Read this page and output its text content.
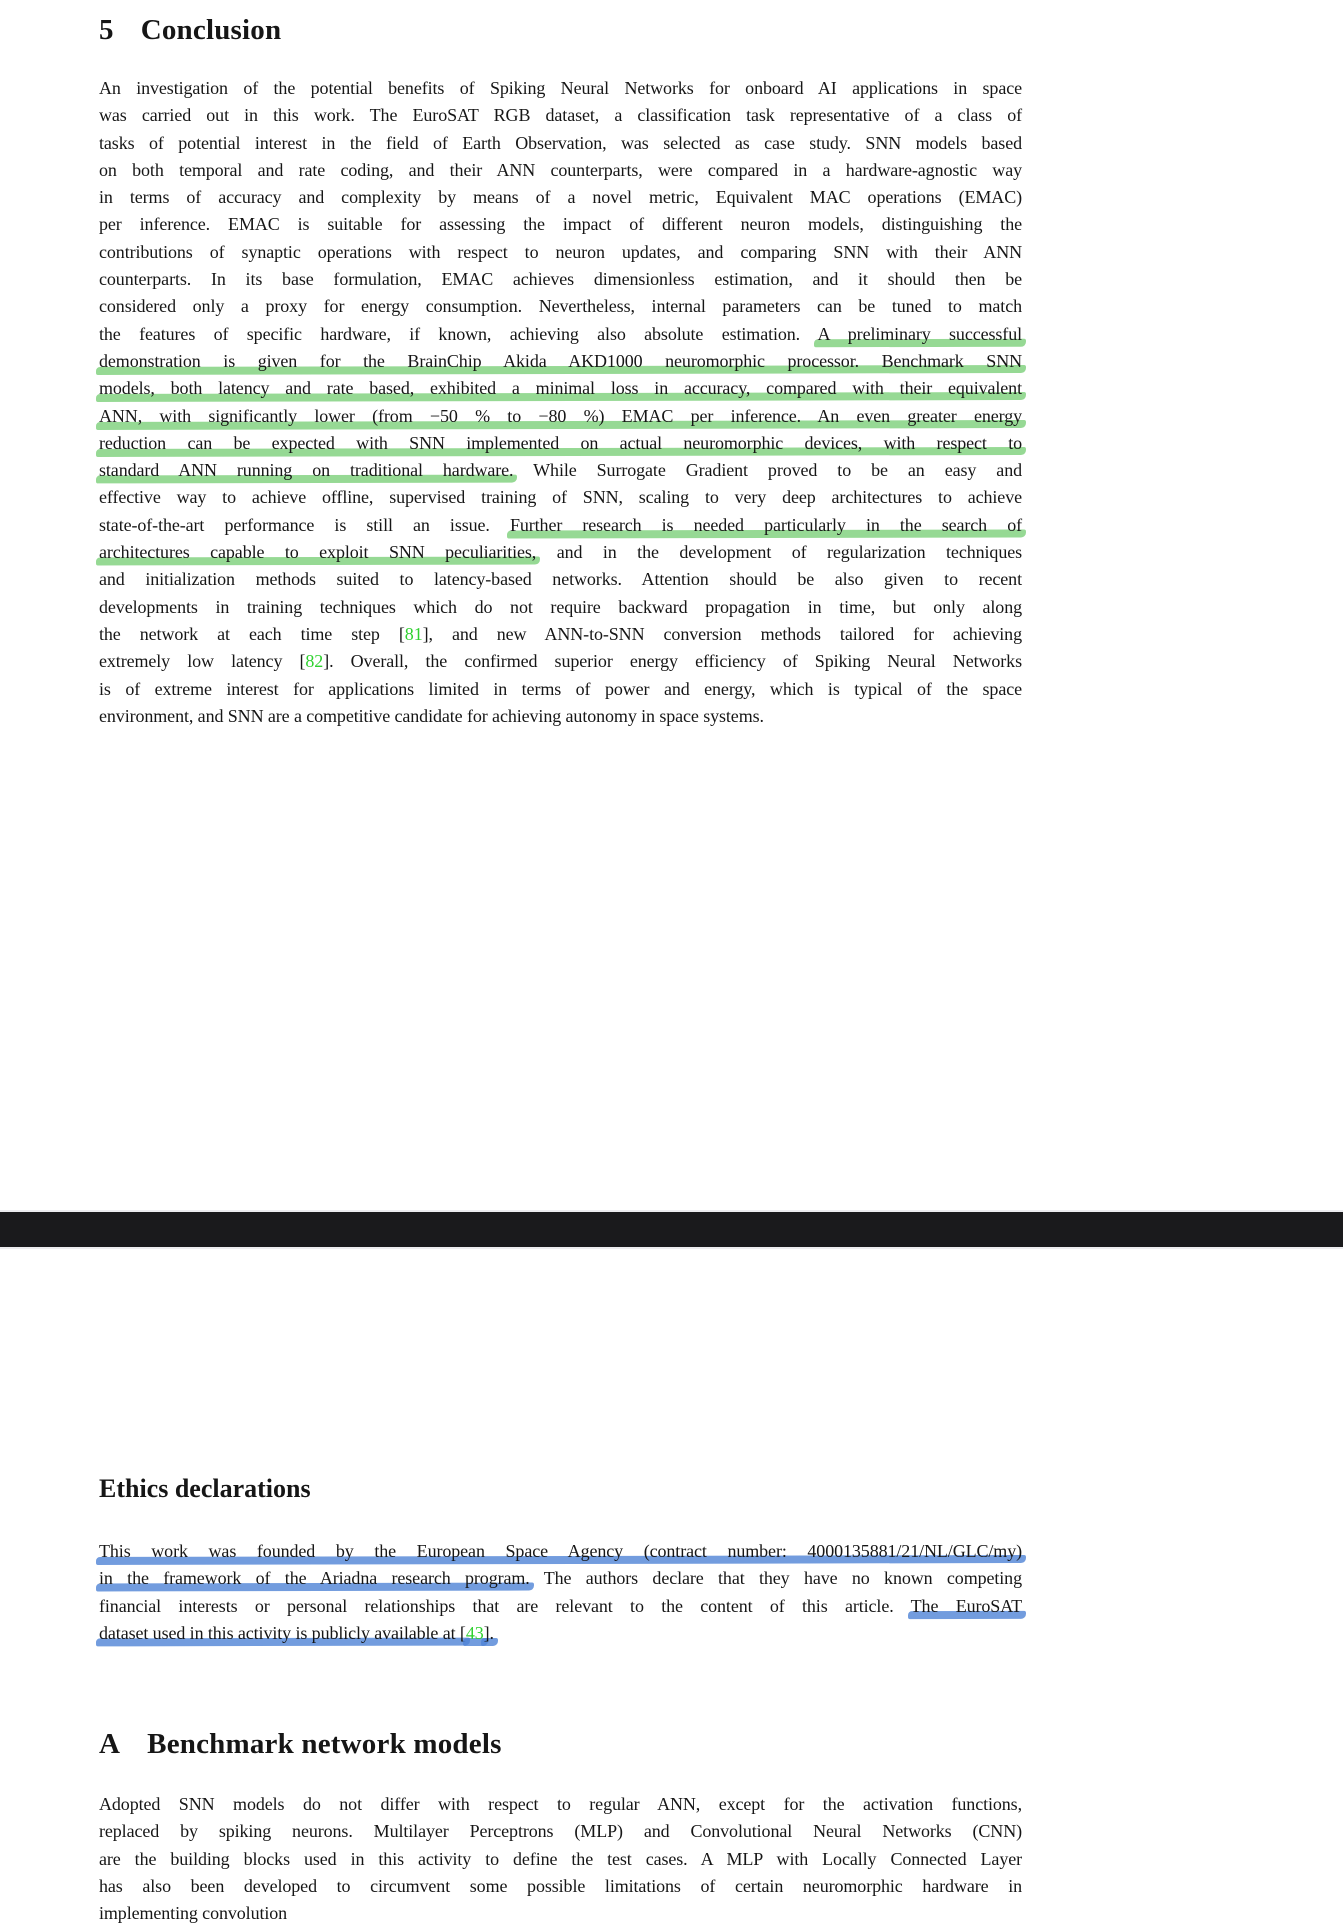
5 Conclusion
An investigation of the potential benefits of Spiking Neural Networks for onboard AI applications in space
was carried out in this work. The EuroSAT RGB dataset, a classification task representative of a class of
tasks of potential interest in the field of Earth Observation, was selected as case study. SNN models based
on both temporal and rate coding, and their ANN counterparts, were compared in a hardware-agnostic way
in terms of accuracy and complexity by means of a novel metric, Equivalent MAC operations (EMAC)
per inference. EMAC is suitable for assessing the impact of different neuron models, distinguishing the
contributions of synaptic operations with respect to neuron updates, and comparing SNN with their ANN
counterparts. In its base formulation, EMAC achieves dimensionless estimation, and it should then be
considered only a proxy for energy consumption. Nevertheless, internal parameters can be tuned to match
the features of specific hardware, if known, achieving also absolute estimation. A preliminary successful
demonstration is given for the BrainChip Akida AKD1000 neuromorphic processor. Benchmark SNN
models, both latency and rate based, exhibited a minimal loss in accuracy, compared with their equivalent
ANN, with significantly lower (from −50 % to −80 %) EMAC per inference. An even greater energy
reduction can be expected with SNN implemented on actual neuromorphic devices, with respect to
standard ANN running on traditional hardware. While Surrogate Gradient proved to be an easy and
effective way to achieve offline, supervised training of SNN, scaling to very deep architectures to achieve
state-of-the-art performance is still an issue. Further research is needed particularly in the search of
architectures capable to exploit SNN peculiarities, and in the development of regularization techniques
and initialization methods suited to latency-based networks. Attention should be also given to recent
developments in training techniques which do not require backward propagation in time, but only along
the network at each time step [81], and new ANN-to-SNN conversion methods tailored for achieving
extremely low latency [82]. Overall, the confirmed superior energy efficiency of Spiking Neural Networks
is of extreme interest for applications limited in terms of power and energy, which is typical of the space
environment, and SNN are a competitive candidate for achieving autonomy in space systems.
Ethics declarations
This work was founded by the European Space Agency (contract number: 4000135881/21/NL/GLC/my)
in the framework of the Ariadna research program. The authors declare that they have no known competing
financial interests or personal relationships that are relevant to the content of this article. The EuroSAT
dataset used in this activity is publicly available at [43].
A Benchmark network models
Adopted SNN models do not differ with respect to regular ANN, except for the activation functions,
replaced by spiking neurons. Multilayer Perceptrons (MLP) and Convolutional Neural Networks (CNN)
are the building blocks used in this activity to define the test cases. A MLP with Locally Connected Layer
has also been developed to circumvent some possible limitations of certain neuromorphic hardware in
implementing convolution
